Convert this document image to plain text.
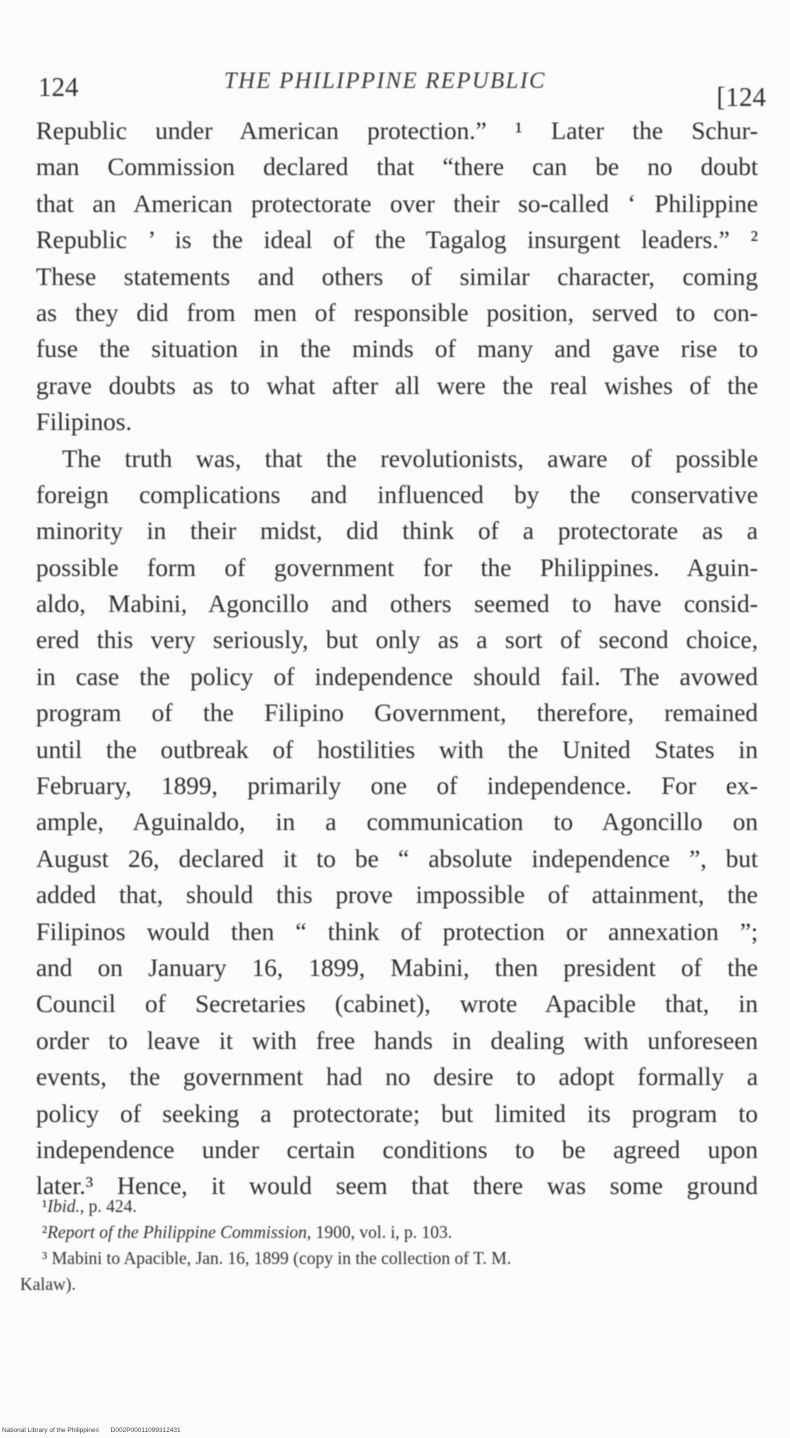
124	THE PHILIPPINE REPUBLIC
[124
Republic under American protection.” ¹ Later the Schur-
man Commission declared that “there can be no doubt
that an American protectorate over their so-called ‘ Philippine
Republic ’ is the ideal of the Tagalog insurgent leaders.” ²
These statements and others of similar character, coming
as they did from men of responsible position, served to con-
fuse the situation in the minds of many and gave rise to
grave doubts as to what after all were the real wishes of the
Filipinos.
The truth was, that the revolutionists, aware of possible
foreign complications and influenced by the conservative
minority in their midst, did think of a protectorate as a
possible form of government for the Philippines. Aguin-
aldo, Mabini, Agoncillo and others seemed to have consid-
ered this very seriously, but only as a sort of second choice,
in case the policy of independence should fail. The avowed
program of the Filipino Government, therefore, remained
until the outbreak of hostilities with the United States in
February, 1899, primarily one of independence. For ex-
ample, Aguinaldo, in a communication to Agoncillo on
August 26, declared it to be “ absolute independence ”, but
added that, should this prove impossible of attainment, the
Filipinos would then “ think of protection or annexation ”;
and on January 16, 1899, Mabini, then president of the
Council of Secretaries (cabinet), wrote Apacible that, in
order to leave it with free hands in dealing with unforeseen
events, the government had no desire to adopt formally a
policy of seeking a protectorate; but limited its program to
independence under certain conditions to be agreed upon
later.³ Hence, it would seem that there was some ground
¹Ibid., p. 424.
²Report of the Philippine Commission, 1900, vol. i, p. 103.
³ Mabini to Apacible, Jan. 16, 1899 (copy in the collection of T. M.
Kalaw).
National Library of the Philippines D002P00011099312431
